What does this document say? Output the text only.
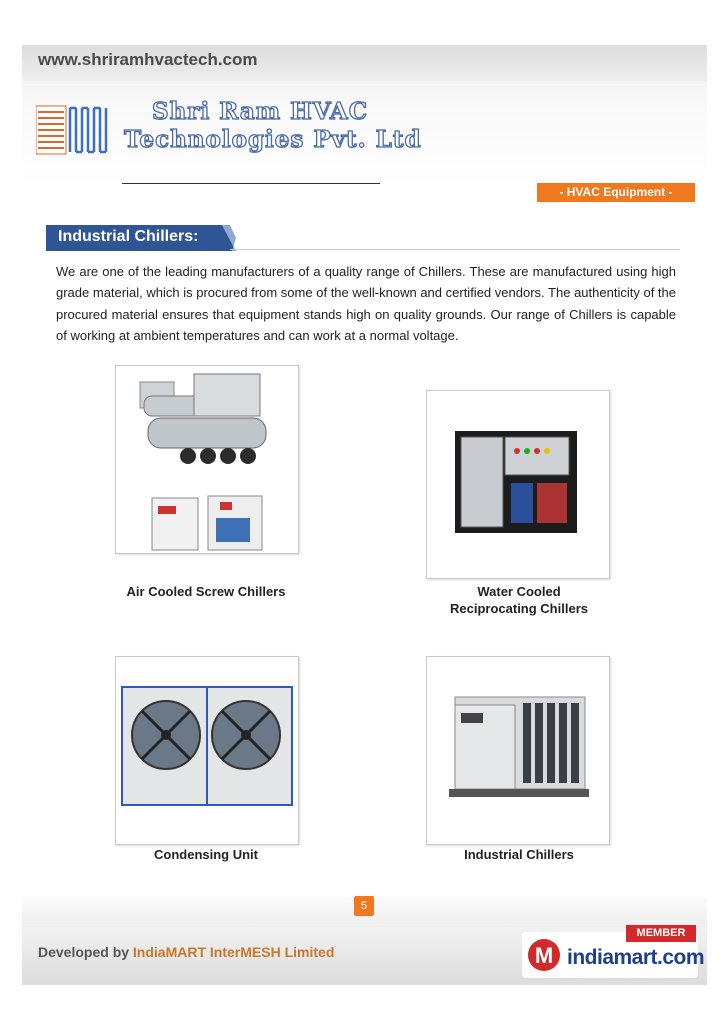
www.shriramhvactech.com
Shri Ram HVAC
Technologies Pvt. Ltd
- HVAC Equipment -
Industrial Chillers:
We are one of the leading manufacturers of a quality range of Chillers. These are manufactured using high grade material, which is procured from some of the well-known and certified vendors. The authenticity of the procured material ensures that equipment stands high on quality grounds. Our range of Chillers is capable of working at ambient temperatures and can work at a normal voltage.
Air Cooled Screw Chillers	Water Cooled
Reciprocating Chillers
Condensing Unit	Industrial Chillers
5
Developed by IndiaMART InterMESH Limited	M indiamart.com
MEMBER
